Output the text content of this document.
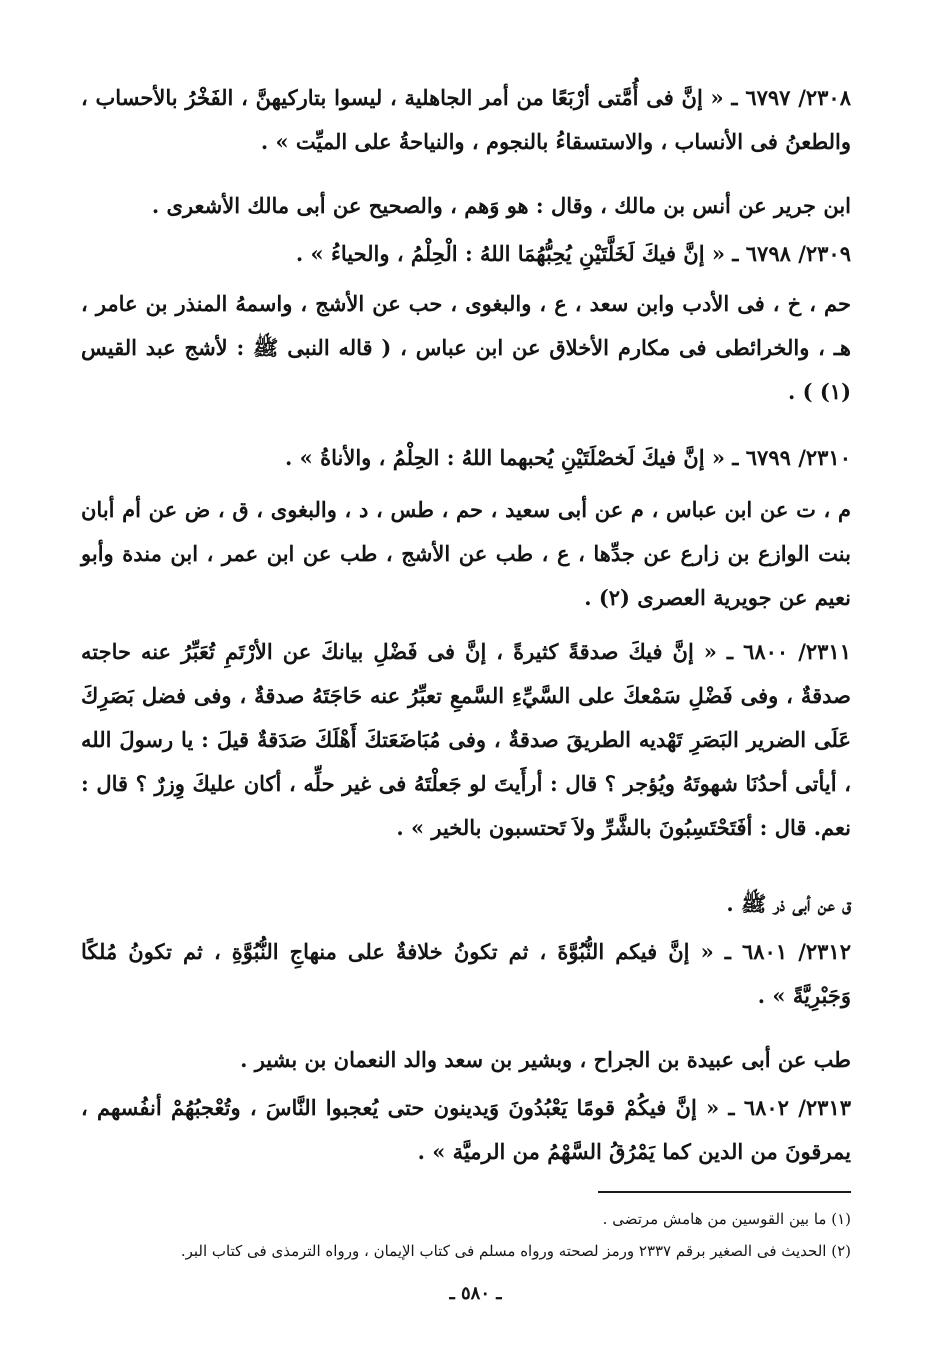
٢٣٠٨/ ٦٧٩٧ ـ « إنَّ فى أُمَّتى أرْبَعًا من أمر الجاهلية ، ليسوا بتاركيهنَّ ، الفَخْرُ بالأحساب ، والطعنُ فى الأنساب ، والاستسقاءُ بالنجوم ، والنياحةُ على الميِّت » .

ابن جرير عن أنس بن مالك ، وقال : هو وَهم ، والصحيح عن أبى مالك الأشعرى .

٢٣٠٩/ ٦٧٩٨ ـ « إنَّ فيكَ لَخَلَّتَيْنِ يُحِبُّهُمَا اللهُ : الْحِلْمُ ، والحياءُ » .

حم ، خ ، فى الأدب وابن سعد ، ع ، والبغوى ، حب عن الأشج ، واسمهُ المنذر بن عامر ، هـ ، والخرائطى فى مكارم الأخلاق عن ابن عباس ، ( قاله النبى ﷺ : لأشج عبد القيس (١) ) .

٢٣١٠/ ٦٧٩٩ ـ « إنَّ فيكَ لَخصْلَتَيْنِ يُحبهما اللهُ : الحِلْمُ ، والأناةُ » .

م ، ت عن ابن عباس ، م عن أبى سعيد ، حم ، طس ، د ، والبغوى ، ق ، ض عن أم أبان بنت الوازع بن زارع عن جدِّها ، ع ، طب عن الأشج ، طب عن ابن عمر ، ابن مندة وأبو نعيم عن جويرية العصرى (٢) .

٢٣١١/ ٦٨٠٠ ـ « إنَّ فيكَ صدقةً كثيرةً ، إنَّ فى فَضْلِ بيانكَ عن الأرْتَمِ تُعَبِّرُ عنه حاجته صدقةٌ ، وفى فَضْلِ سَمْعكَ على السَّيِّءِ السَّمعِ تعبِّرُ عنه حَاجَتَهُ صدقةٌ ، وفى فضل بَصَرِكَ عَلَى الضرير البَصَرِ تَهْديه الطريقَ صدقةٌ ، وفى مُبَاضَعَتكَ أَهْلَكَ صَدَقةٌ قيلَ : يا رسولَ الله ، أيأتى أحدُنَا شهوتَهُ ويُؤجر ؟ قال : أرأَيتَ لو جَعلْتَهُ فى غير حلِّه ، أكان عليكَ وِزرٌ ؟ قال : نعم. قال : أفَتَحْتَسِبُونَ بالشَّرِّ ولاَ تَحتسبون بالخير » .

ق عن أبى ذر ﷺ .

٢٣١٢/ ٦٨٠١ ـ « إنَّ فيكم النُّبُوَّةَ ، ثم تكونُ خلافةٌ على منهاجِ النُّبُوَّةِ ، ثم تكونُ مُلكًا وَجَبْرِيَّةً » .

طب عن أبى عبيدة بن الجراح ، وبشير بن سعد والد النعمان بن بشير .

٢٣١٣/ ٦٨٠٢ ـ « إنَّ فيكُمْ قومًا يَعْبُدُونَ وَيدينون حتى يُعجبوا النَّاسَ ، وتُعْجبُهُمْ أنفُسهم ، يمرقونَ من الدين كما يَمْرُقُ السَّهْمُ من الرميَّة » .

(١) ما بين القوسين من هامش مرتضى .

(٢) الحديث فى الصغير برقم ٢٣٣٧ ورمز لصحته ورواه مسلم فى كتاب الإيمان ، ورواه الترمذى فى كتاب البر.

ـ ٥٨٠ ـ
